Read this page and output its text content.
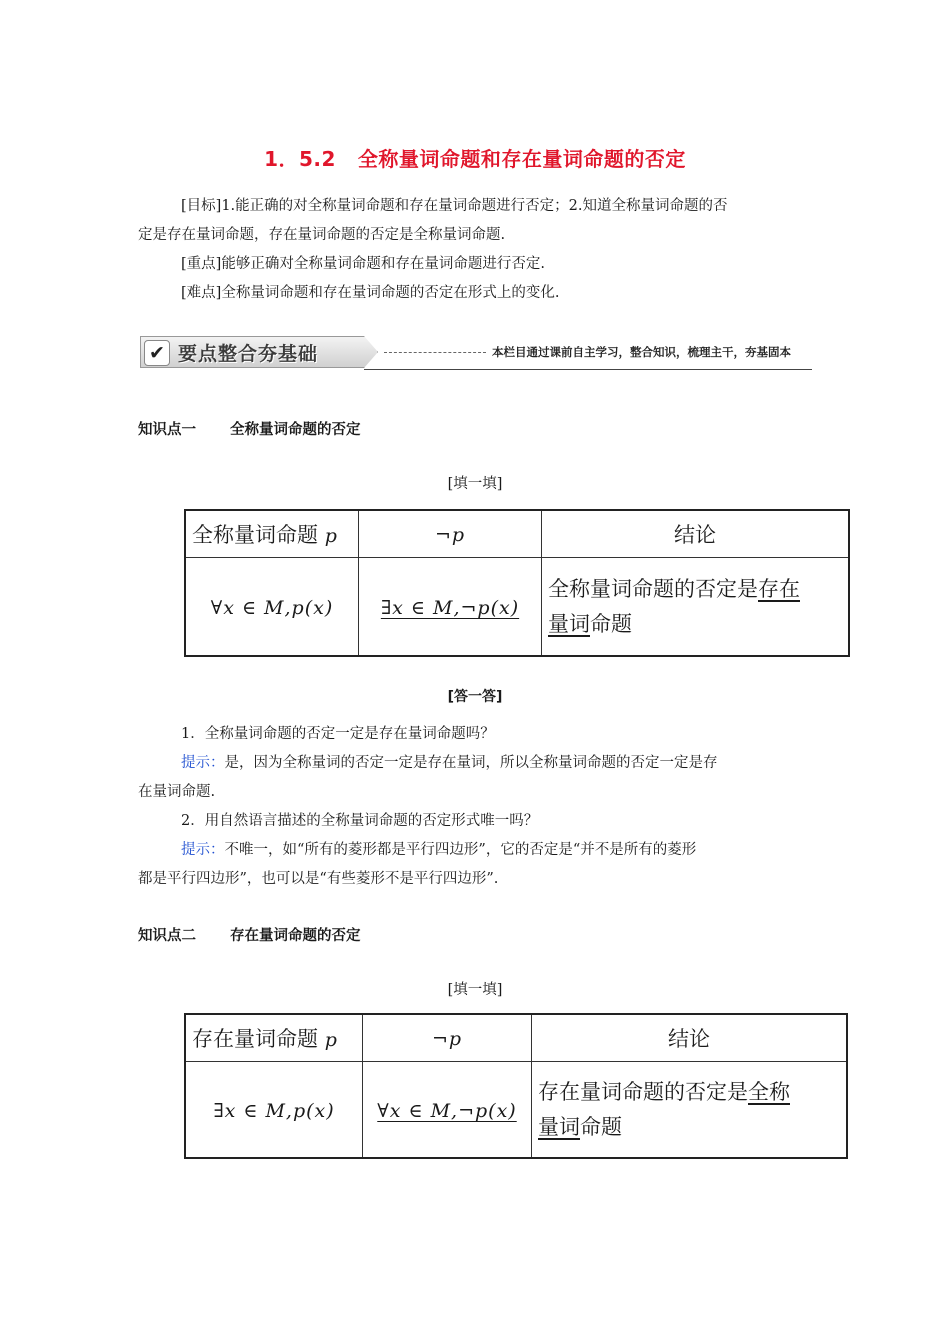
1．5.2 全称量词命题和存在量词命题的否定
[目标]1.能正确的对全称量词命题和存在量词命题进行否定；2.知道全称量词命题的否
定是存在量词命题，存在量词命题的否定是全称量词命题.
[重点]能够正确对全称量词命题和存在量词命题进行否定.
[难点]全称量词命题和存在量词命题的否定在形式上的变化.
✔ 要点整合夯基础	本栏目通过课前自主学习，整合知识，梳理主干，夯基固本
知识点一 全称量词命题的否定
[填一填]
全称量词命题 p	¬p	结论
∀x ∈ M,p(x)	∃x ∈ M,¬p(x)	全称量词命题的否定是存在
量词命题
[答一答]
1．全称量词命题的否定一定是存在量词命题吗？
提示：是，因为全称量词的否定一定是存在量词，所以全称量词命题的否定一定是存
在量词命题.
2．用自然语言描述的全称量词命题的否定形式唯一吗？
提示：不唯一，如“所有的菱形都是平行四边形”，它的否定是“并不是所有的菱形
都是平行四边形”，也可以是“有些菱形不是平行四边形”.
知识点二 存在量词命题的否定
[填一填]
存在量词命题 p	¬p	结论
∃x ∈ M,p(x)	∀x ∈ M,¬p(x)	存在量词命题的否定是全称
量词命题
